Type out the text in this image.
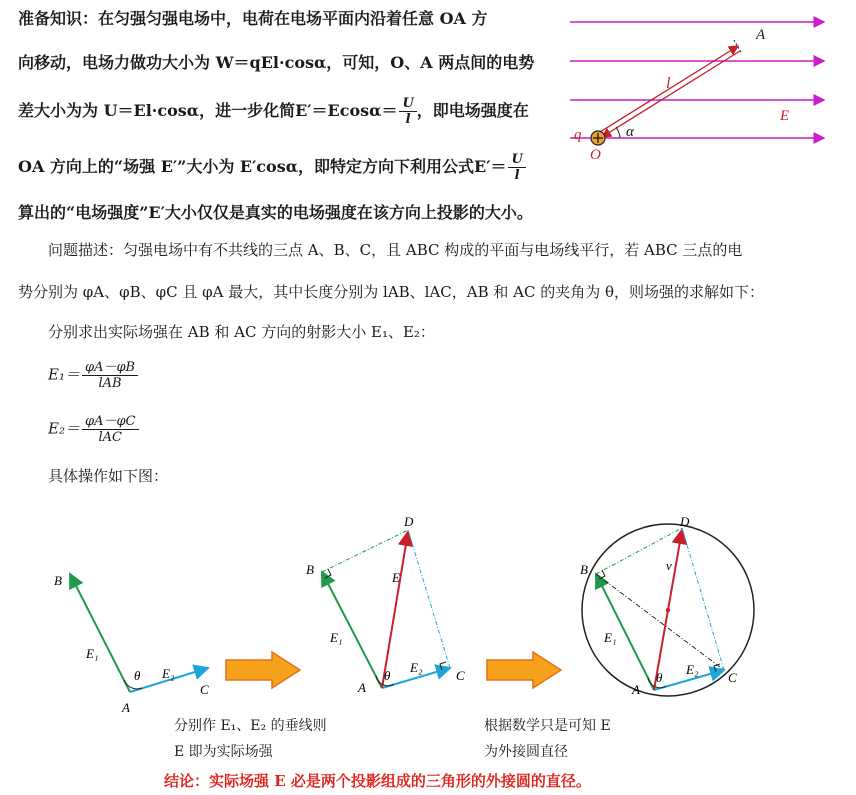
准备知识：在匀强匀强电场中，电荷在电场平面内沿着任意 OA 方
向移动，电场力做功大小为 W＝qEl·cosα，可知，O、A 两点间的电势
差大小为为 U＝El·cosα，进一步化简$E'=Ecos\alpha= \frac{U}{l}$ ，即电场强度在
OA 方向上的“场强 E′”大小为 E′cosα，即特定方向下利用公式$E'= \frac{U}{l}$
算出的“电场强度”E′大小仅仅是真实的电场强度在该方向上投影的大小。
A
l
E
q
O
α
问题描述：匀强电场中有不共线的三点 A、B、C，且 ABC 构成的平面与电场线平行，若 ABC 三点的电
势分别为 φA、φB、φC 且 φA 最大，其中长度分别为 lAB、lAC，AB 和 AC 的夹角为 θ，则场强的求解如下：
分别求出实际场强在 AB 和 AC 方向的射影大小 E₁、E₂：
$E_1= \frac{\varphi A-\varphi B}{\text{lAB}}$
$E_2= \frac{\varphi A-\varphi C}{\text{lAC}}$
具体操作如下图：
B
A
C
E₁
E₂
θ
D
B
A
C
E
E₁
E₂
θ
D
B
A
C
v
E₁
E₂
θ
分别作 E₁、E₂ 的垂线则
E 即为实际场强
根据数学只是可知 E
为外接圆直径
结论：实际场强 E 必是两个投影组成的三角形的外接圆的直径。
